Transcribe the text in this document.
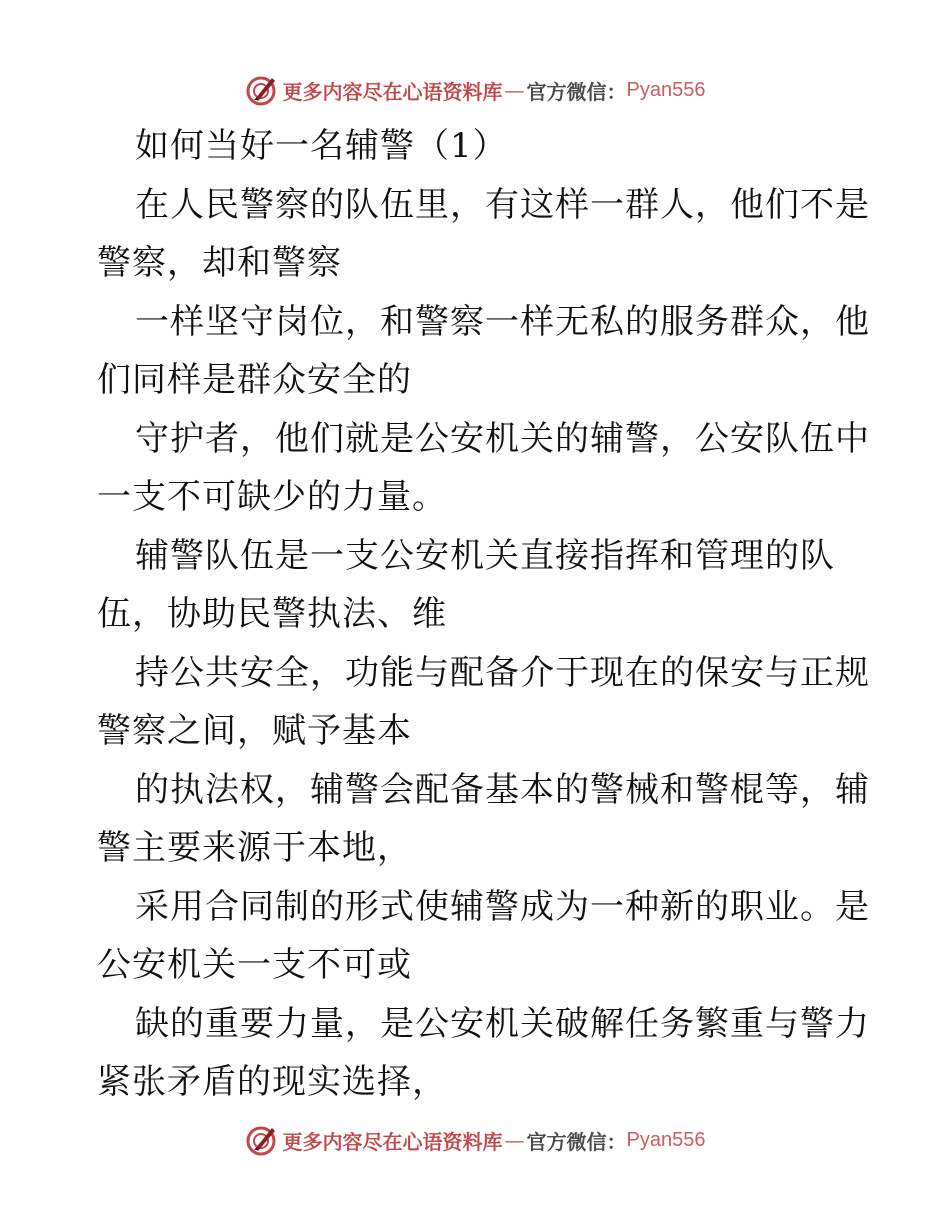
更多内容尽在心语资料库 — 官方微信： Pyan556
如何当好一名辅警（1）
在人民警察的队伍里，有这样一群人，他们不是
警察，却和警察
一样坚守岗位，和警察一样无私的服务群众，他
们同样是群众安全的
守护者，他们就是公安机关的辅警，公安队伍中
一支不可缺少的力量。
辅警队伍是一支公安机关直接指挥和管理的队
伍，协助民警执法、维
持公共安全，功能与配备介于现在的保安与正规
警察之间，赋予基本
的执法权，辅警会配备基本的警械和警棍等，辅
警主要来源于本地，
采用合同制的形式使辅警成为一种新的职业。是
公安机关一支不可或
缺的重要力量，是公安机关破解任务繁重与警力
紧张矛盾的现实选择，
更多内容尽在心语资料库 — 官方微信： Pyan556
